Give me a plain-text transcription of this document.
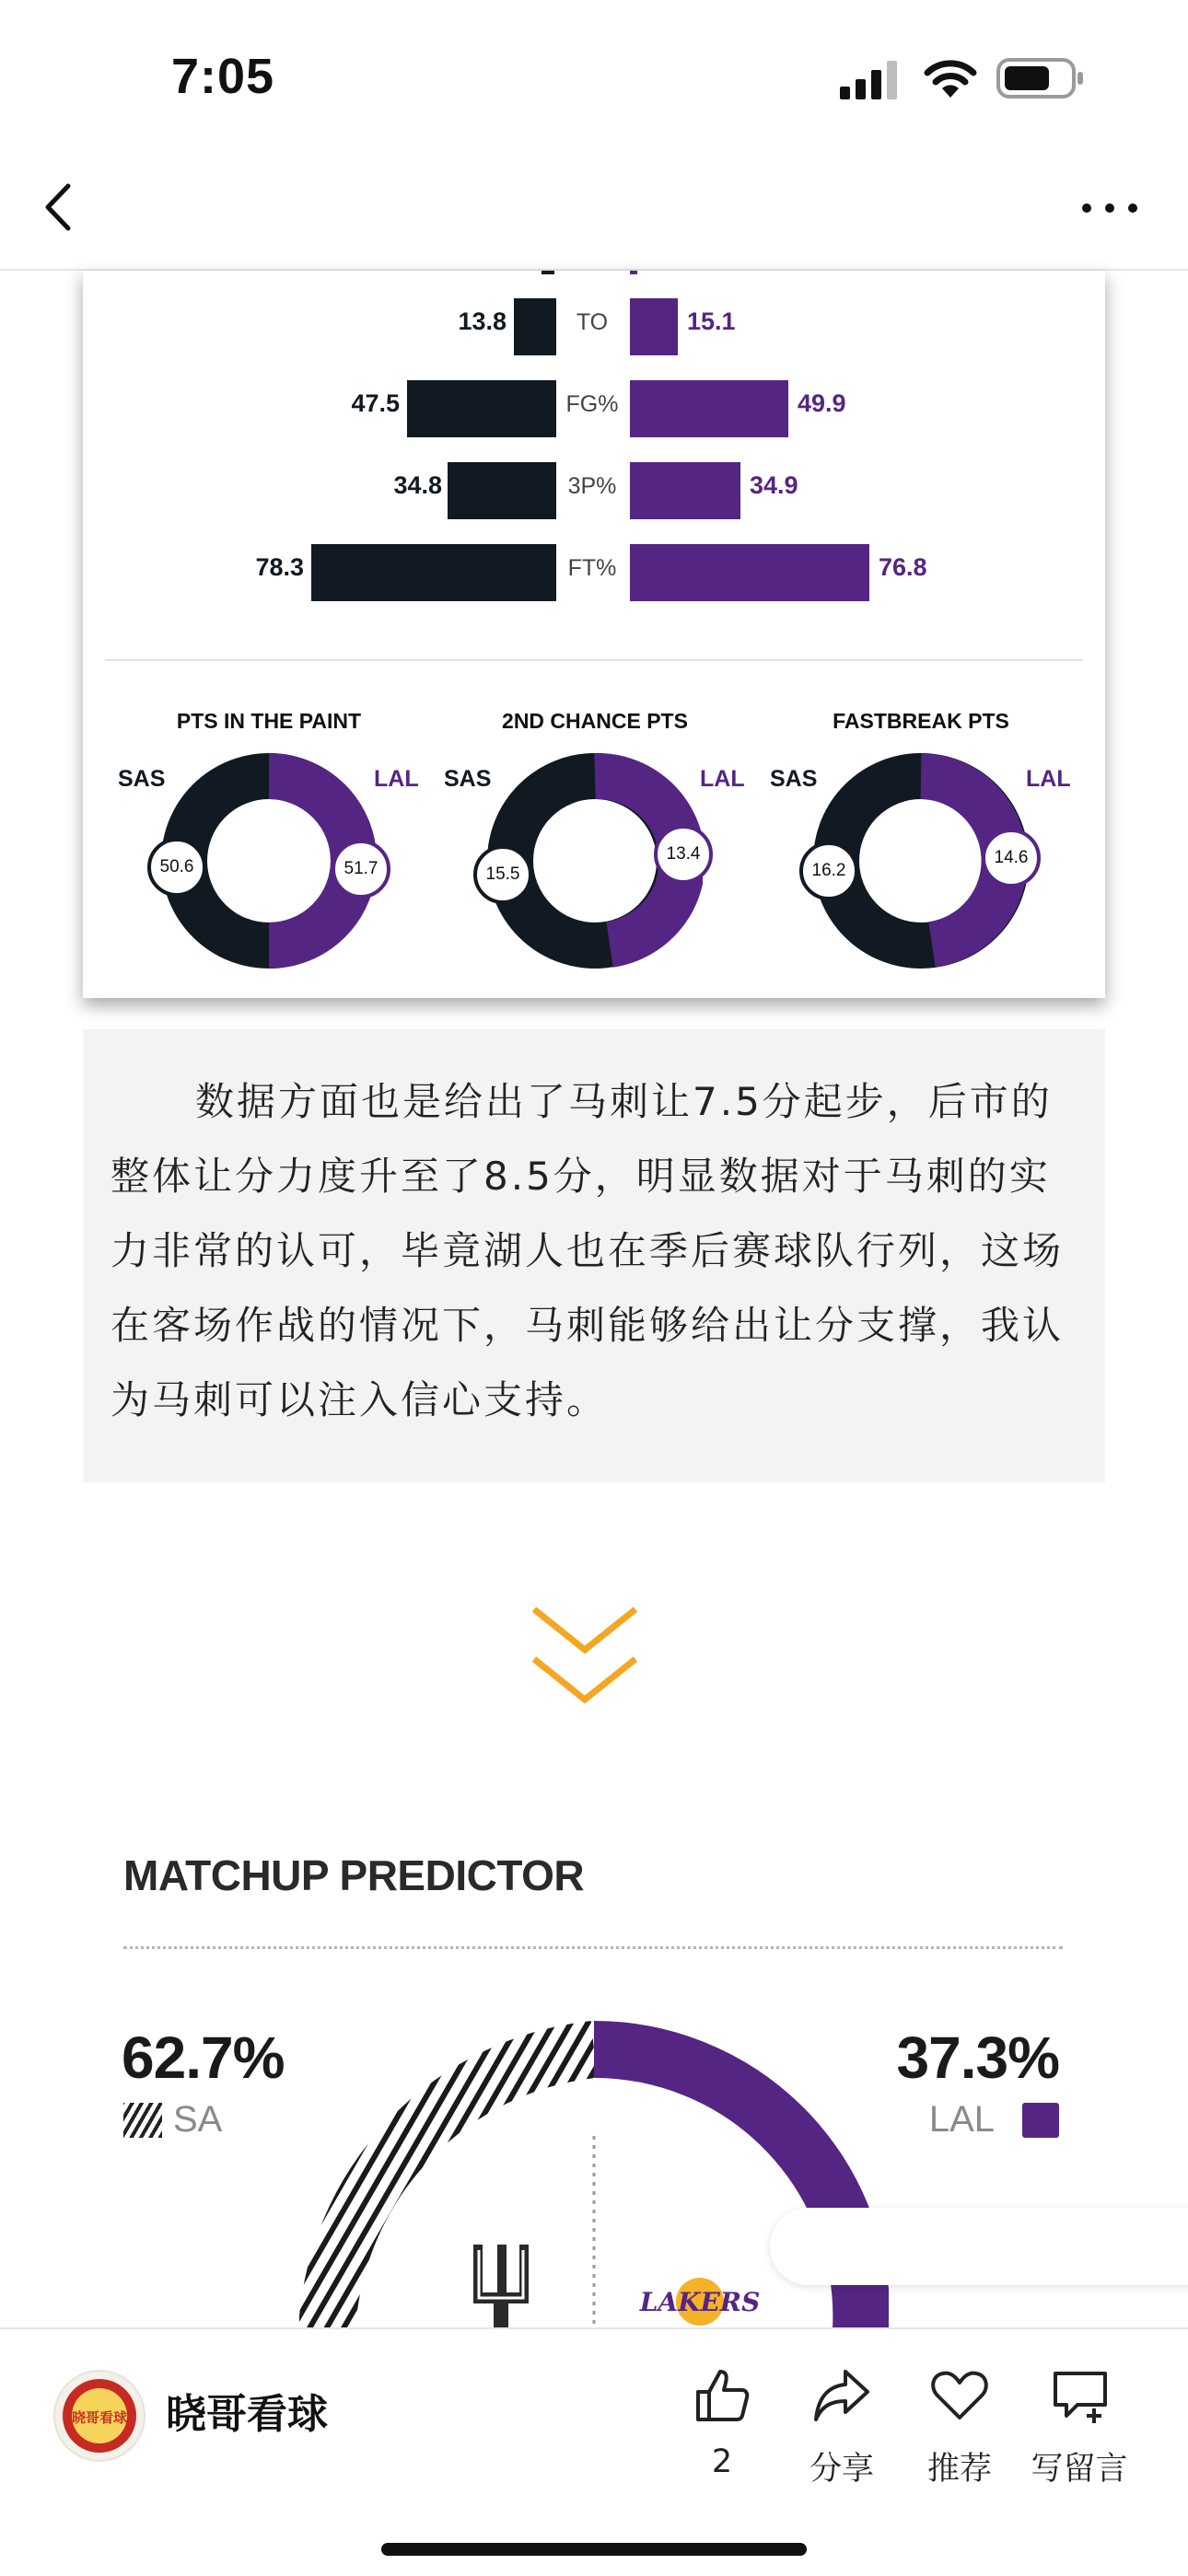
7:05
13.8	TO	15.1
47.5	FG%	49.9
34.8	3P%	34.9
78.3	FT%	76.8
PTS IN THE PAINT
SAS	LAL
50.6	51.7
2ND CHANCE PTS
SAS	LAL
15.5
13.4
FASTBREAK PTS
SAS	LAL
16.2
14.6

数据方面也是给出了马刺让7.5分起步，后市的整体让分力度升至了8.5分，明显数据对于马刺的实力非常的认可，毕竟湖人也在季后赛球队行列，这场在客场作战的情况下，马刺能够给出让分支撑，我认为马刺可以注入信心支持。

MATCHUP PREDICTOR
62.7%
SA
37.3%
LAL
LAKERS
晓哥看球 晓哥看球
2	分享	推荐	写留言
